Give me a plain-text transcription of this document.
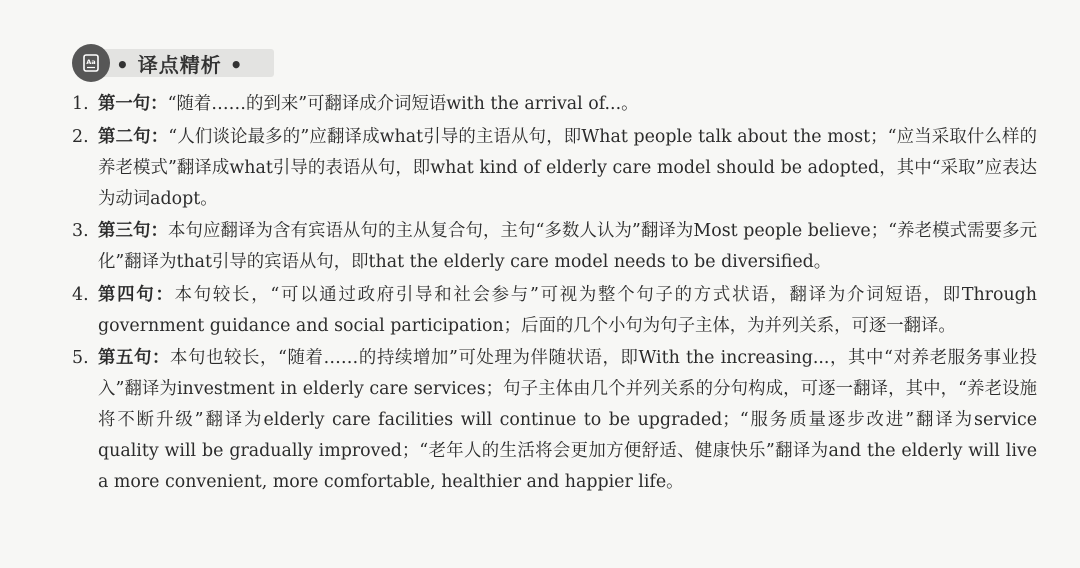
Aa • 译点精析 •
1. 第一句：“随着……的到来”可翻译成介词短语with the arrival of...。
2. 第二句：“人们谈论最多的”应翻译成what引导的主语从句，即What people talk about the most；“应当采取什么样的养老模式”翻译成what引导的表语从句，即what kind of elderly care model should be adopted，其中“采取”应表达为动词adopt。
3. 第三句：本句应翻译为含有宾语从句的主从复合句，主句“多数人认为”翻译为Most people believe；“养老模式需要多元化”翻译为that引导的宾语从句，即that the elderly care model needs to be diversified。
4. 第四句：本句较长，“可以通过政府引导和社会参与”可视为整个句子的方式状语，翻译为介词短语，即Through government guidance and social participation；后面的几个小句为句子主体，为并列关系，可逐一翻译。
5. 第五句：本句也较长，“随着……的持续增加”可处理为伴随状语，即With the increasing...，其中“对养老服务事业投入”翻译为investment in elderly care services；句子主体由几个并列关系的分句构成，可逐一翻译，其中，“养老设施将不断升级”翻译为elderly care facilities will continue to be upgraded；“服务质量逐步改进”翻译为service quality will be gradually improved；“老年人的生活将会更加方便舒适、健康快乐”翻译为and the elderly will live a more convenient, more comfortable, healthier and happier life。
